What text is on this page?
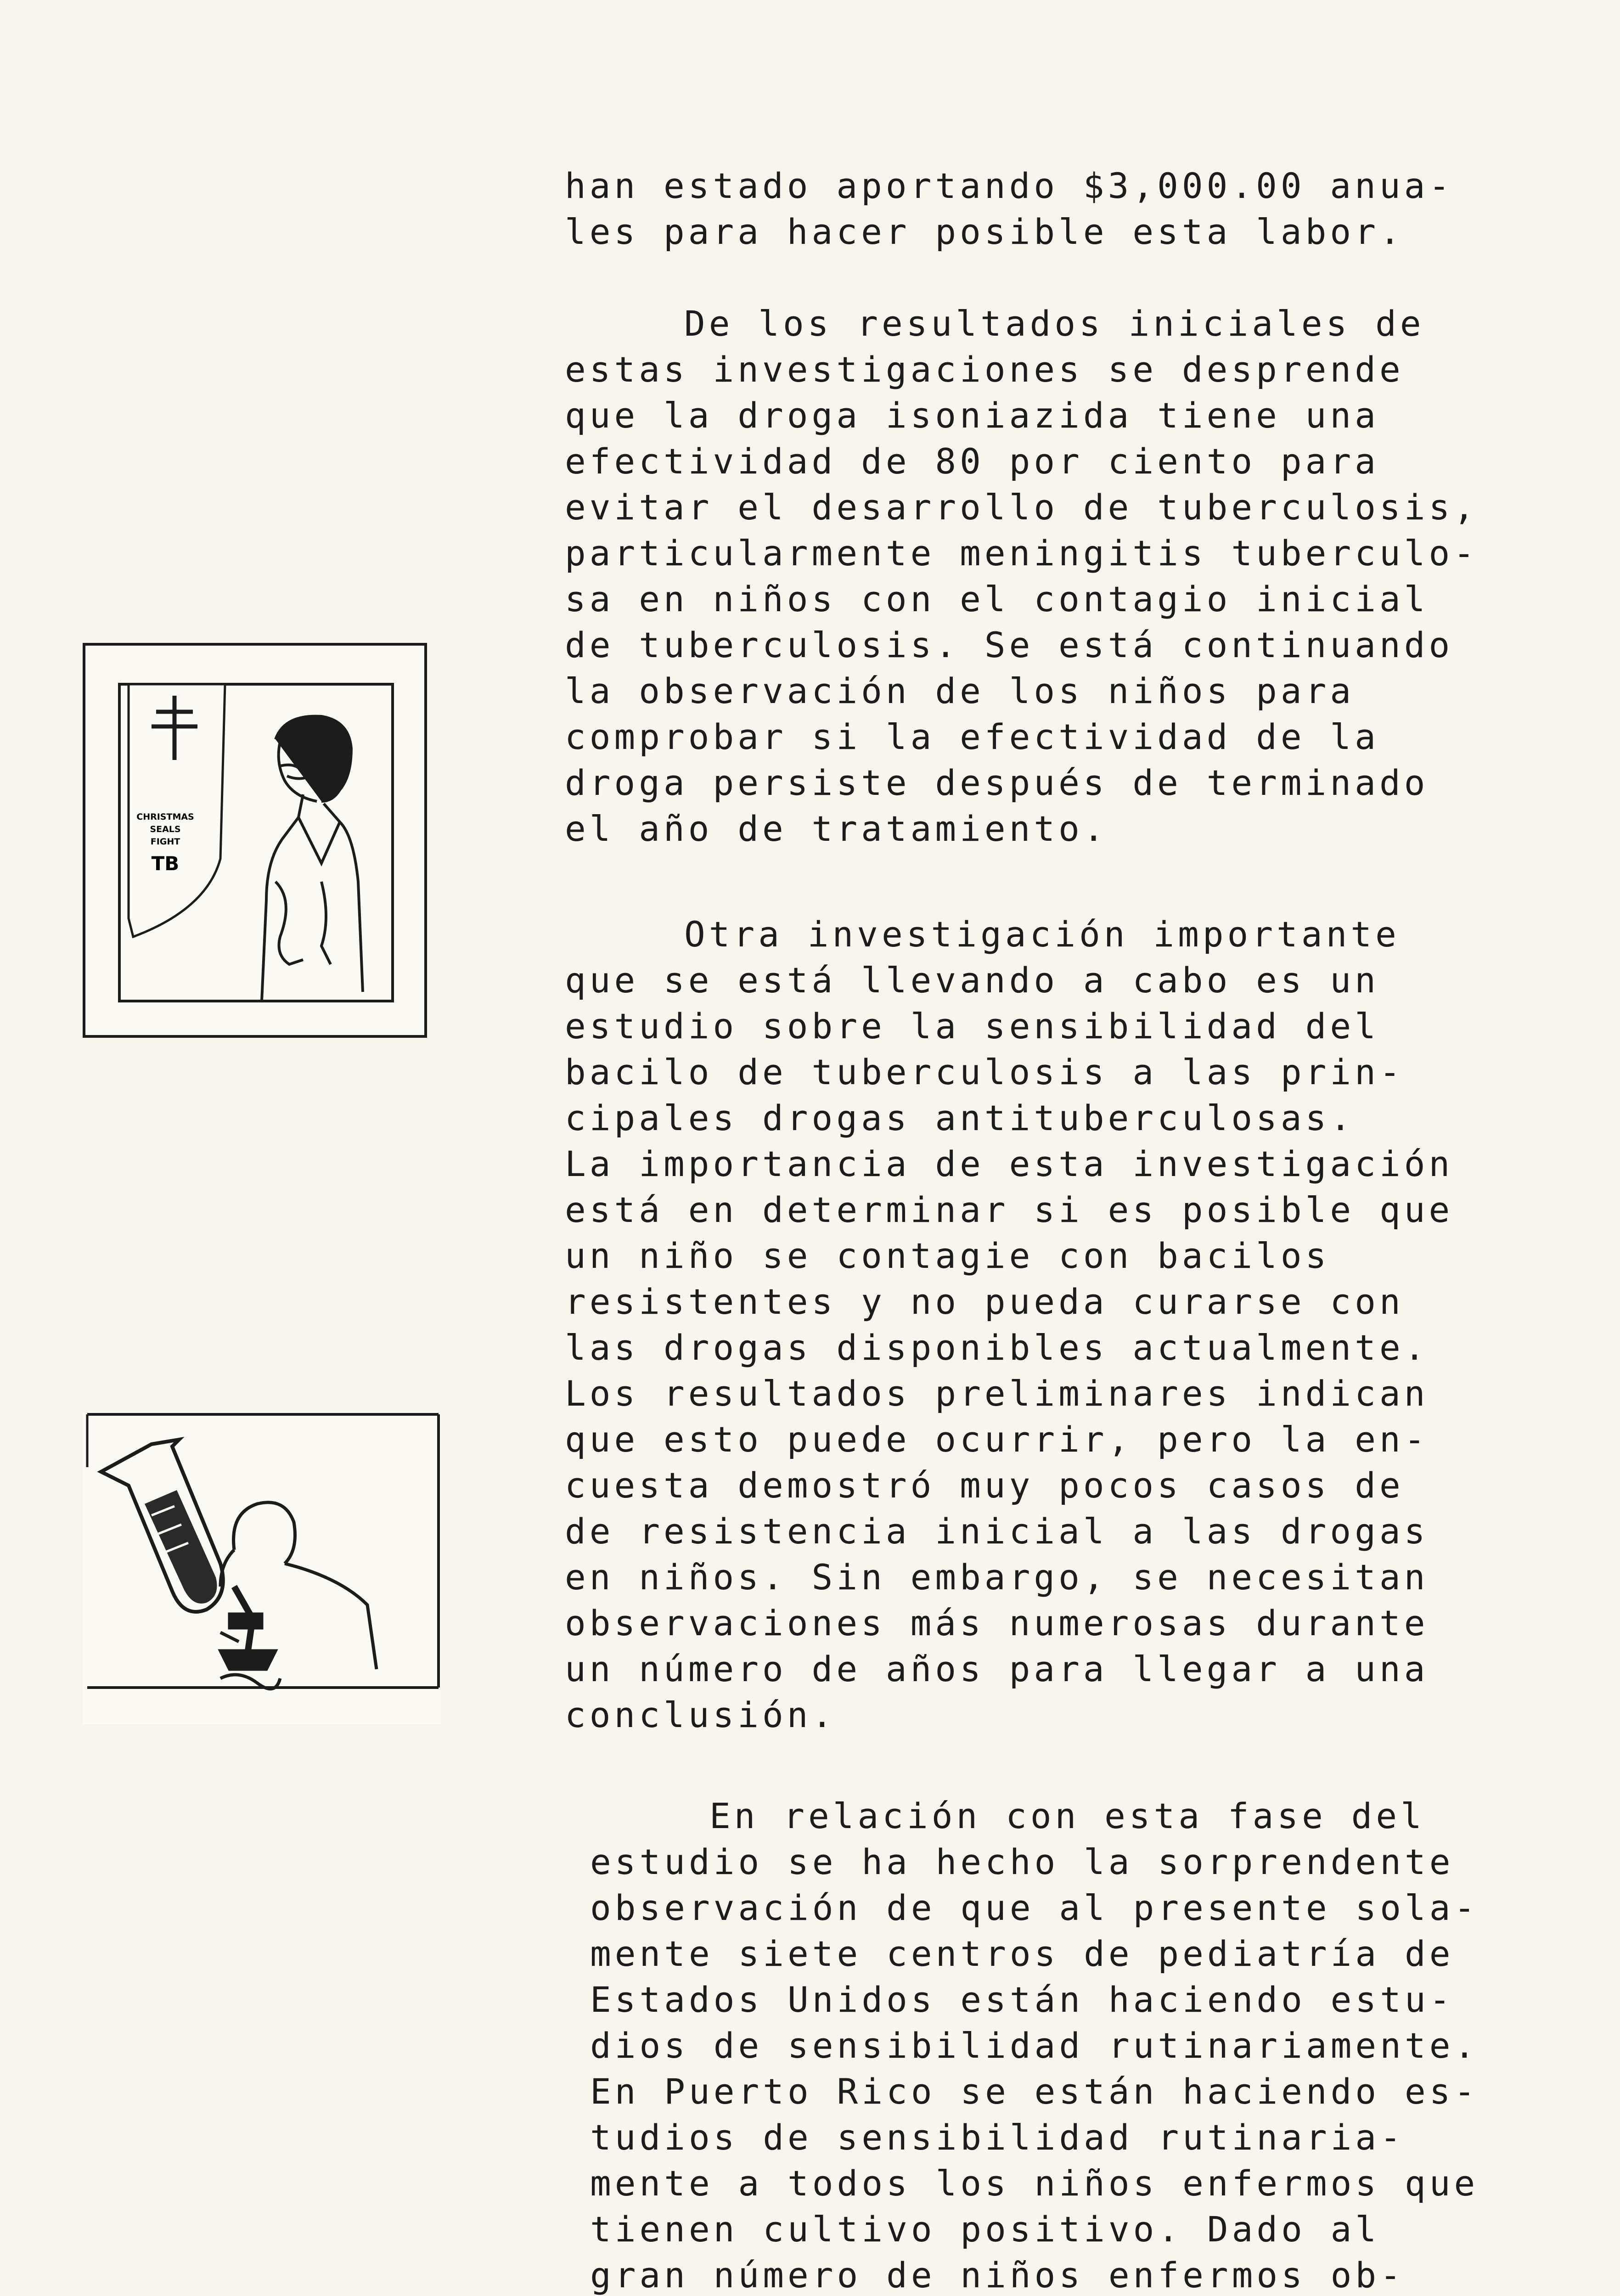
han estado aportando $3,000.00 anua-
les para hacer posible esta labor.
De los resultados iniciales de
estas investigaciones se desprende
que la droga isoniazida tiene una
efectividad de 80 por ciento para
evitar el desarrollo de tuberculosis,
particularmente meningitis tuberculo-
sa en niños con el contagio inicial
de tuberculosis. Se está continuando
la observación de los niños para
comprobar si la efectividad de la
droga persiste después de terminado
el año de tratamiento.
Otra investigación importante
que se está llevando a cabo es un
estudio sobre la sensibilidad del
bacilo de tuberculosis a las prin-
cipales drogas antituberculosas.
La importancia de esta investigación
está en determinar si es posible que
un niño se contagie con bacilos
resistentes y no pueda curarse con
las drogas disponibles actualmente.
Los resultados preliminares indican
que esto puede ocurrir, pero la en-
cuesta demostró muy pocos casos de
de resistencia inicial a las drogas
en niños. Sin embargo, se necesitan
observaciones más numerosas durante
un número de años para llegar a una
conclusión.
En relación con esta fase del
estudio se ha hecho la sorprendente
observación de que al presente sola-
mente siete centros de pediatría de
Estados Unidos están haciendo estu-
dios de sensibilidad rutinariamente.
En Puerto Rico se están haciendo es-
tudios de sensibilidad rutinaria-
mente a todos los niños enfermos que
tienen cultivo positivo. Dado al
gran número de niños enfermos ob-
CHRISTMAS
SEALS
FIGHT
TB
